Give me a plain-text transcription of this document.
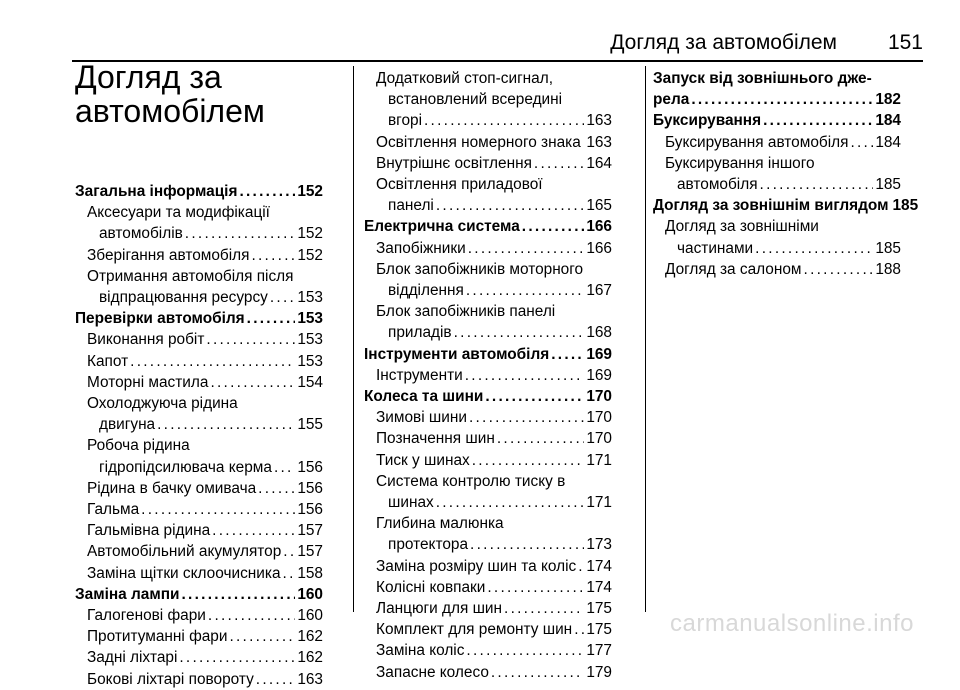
Догляд за автомобілем 151
Догляд за
автомобілем
Загальна інформація . . .	152
Аксесуари та модифікації
автомобілів . . .	152
Зберігання автомобіля . . .	152
Отримання автомобіля після
відпрацювання ресурсу . . . 153
Перевірки автомобіля . . .	153
Виконання робіт . . .	153
Капот . . .	153
Моторні мастила . . .	154
Охолоджуюча рідина
двигуна . . .	155
Робоча рідина
гідропідсилювача керма . . . 156
Рідина в бачку омивача . . .	156
Гальма . . .	156
Гальмівна рідина . . .	157
Автомобільний акумулятор . . . 157
Заміна щітки склоочисника . . . 158
Заміна лампи . . .	160
Галогенові фари . . .	160
Протитуманні фари . . .	162
Задні ліхтарі . . .	162
Бокові ліхтарі повороту . . .	163
Додатковий стоп-сигнал,
встановлений всередині
вгорі . . .	163
Освітлення номерного знака . . . 163
Внутрішнє освітлення . . .	164
Освітлення приладової
панелі . . .	165
Електрична система . . .	166
Запобіжники . . .	166
Блок запобіжників моторного
відділення . . .	167
Блок запобіжників панелі
приладів . . .	168
Інструменти автомобіля . . . 169
Інструменти . . .	169
Колеса та шини . . .	170
Зимові шини . . .	170
Позначення шин . . .	170
Тиск у шинах . . .	171
Система контролю тиску в
шинах . . .	171
Глибина малюнка
протектора . . .	173
Заміна розміру шин та коліс . . . 174
Колісні ковпаки . . .	174
Ланцюги для шин . . .	175
Комплект для ремонту шин . . . 175
Заміна коліс . . .	177
Запасне колесо . . .	179
Запуск від зовнішнього дже-
рела . . .	182
Буксирування . . .	184
Буксирування автомобіля . . . 184
Буксирування іншого
автомобіля . . .	185
Догляд за зовнішнім виглядом 185
Догляд за зовнішніми
частинами . . .	185
Догляд за салоном . . .	188
carmanualsonline.info
